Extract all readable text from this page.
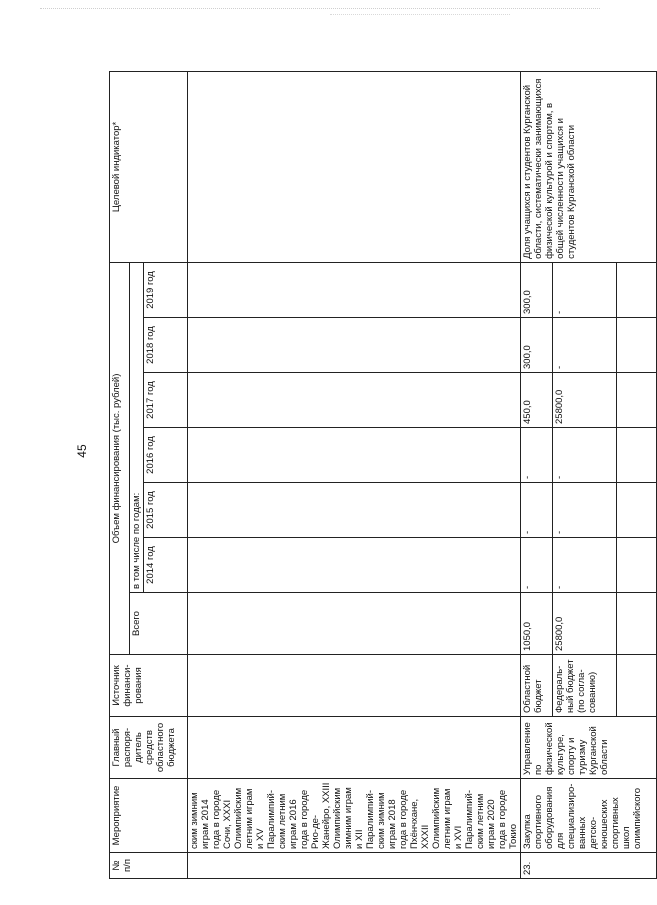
45
№ п/п	Мероприятие	Главный распоря-дитель средств областного бюджета	Источник финанси-рования	Объем финансирования (тыс. рублей)							Целевой индикатор*
				Всего	в том числе по годам:						
					2014 год	2015 год	2016 год	2017 год	2018 год	2019 год	
	ским зимним играм 2014 года в городе Сочи, XXXI Олимпийским летним играм и XV Паралимпий-ским летним играм 2016 года в городе Рио-де-Жанейро, XXIII Олимпийским зимним играм и XII Паралимпий-ским зимним играм 2018 года в городе Пхёнчхане, XXXII Олимпийским летним играм и XVI Паралимпий-ским летним играм 2020 года в городе Токио										
23.	Закупка спортивного оборудования для специализиро-ванных детско-юношеских спортивных школ олимпийского	Управление по физической культуре, спорту и туризму Курганской области	Областной бюджет	1050,0	-	-	-	450,0	300,0	300,0	Доля учащихся и студентов Курганской области, систематически занимающихся физической культурой и спортом, в общей численности учащихся и студентов Курганской области
			Федераль-ный бюджет (по согла-сованию)	25800,0	-	-	-	25800,0	-	-	
